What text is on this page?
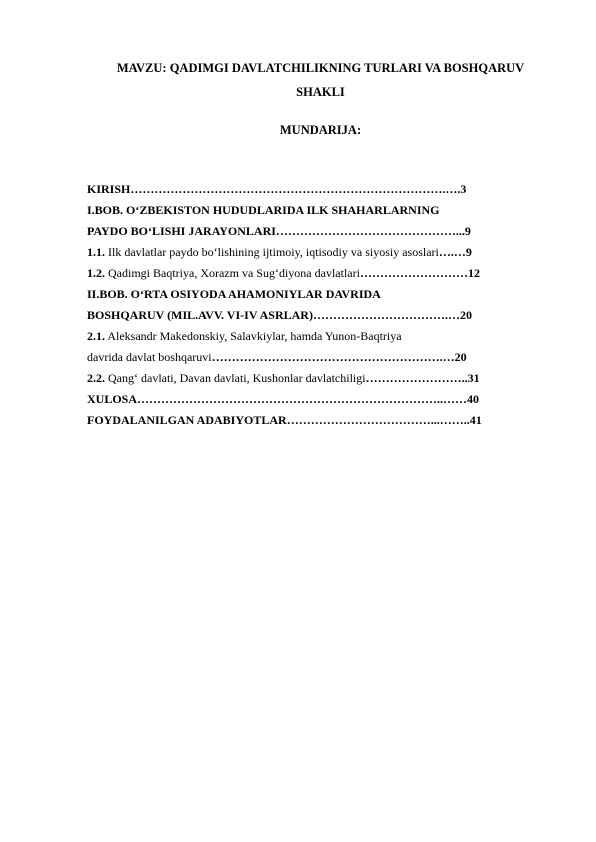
MAVZU: QADIMGI DAVLATCHILIKNING TURLARI VA BOSHQARUV
SHAKLI
MUNDARIJA:
KIRISH…………………………………………………………………….….3
I.BOB. O‘ZBEKISTON HUDUDLARIDA ILK SHAHARLARNING
PAYDO BO‘LISHI JARAYONLARI………………………………………...9
1.1. Ilk davlatlar paydo bo‘lishining ijtimoiy, iqtisodiy va siyosiy asoslari….…9
1.2. Qadimgi Baqtriya, Xorazm va Sug‘diyona davlatlari………………………12
II.BOB. O‘RTA OSIYODA AHAMONIYLAR DAVRIDA
BOSHQARUV (MIL.AVV. VI-IV ASRLAR)…………………………….…20
2.1. Aleksandr Makedonskiy, Salavkiylar, hamda Yunon-Baqtriya
davrida davlat boshqaruvi………………………………………………….…20
2.2. Qang‘ davlati, Davan davlati, Kushonlar davlatchiligi……………………..31
XULOSA…………………………………………………………………..……40
FOYDALANILGAN ADABIYOTLAR………………………………...……..41
